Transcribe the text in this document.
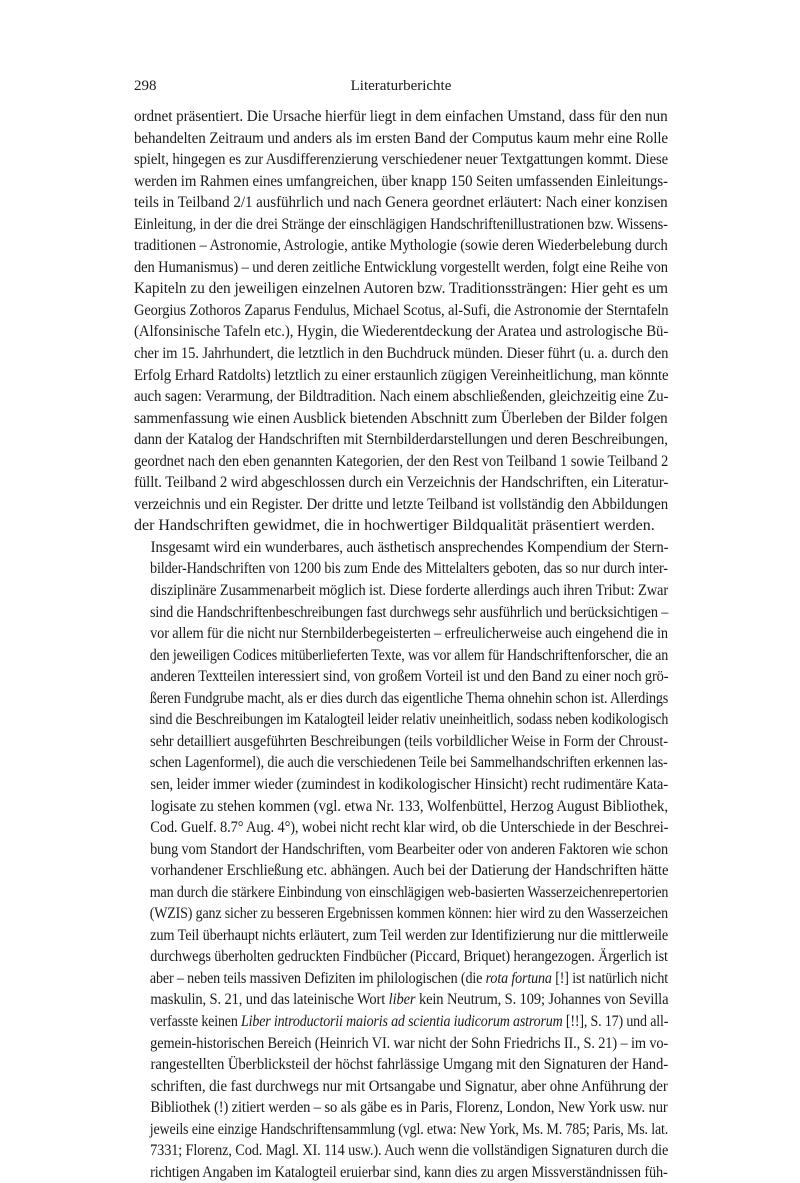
298	Literaturberichte

ordnet präsentiert. Die Ursache hierfür liegt in dem einfachen Umstand, dass für den nun
behandelten Zeitraum und anders als im ersten Band der Computus kaum mehr eine Rolle
spielt, hingegen es zur Ausdifferenzierung verschiedener neuer Textgattungen kommt. Diese
werden im Rahmen eines umfangreichen, über knapp 150 Seiten umfassenden Einleitungs-
teils in Teilband 2/1 ausführlich und nach Genera geordnet erläutert: Nach einer konzisen
Einleitung, in der die drei Stränge der einschlägigen Handschriftenillustrationen bzw. Wissens-
traditionen – Astronomie, Astrologie, antike Mythologie (sowie deren Wiederbelebung durch
den Humanismus) – und deren zeitliche Entwicklung vorgestellt werden, folgt eine Reihe von
Kapiteln zu den jeweiligen einzelnen Autoren bzw. Traditionssträngen: Hier geht es um
Georgius Zothoros Zaparus Fendulus, Michael Scotus, al-Sufi, die Astronomie der Sterntafeln
(Alfonsinische Tafeln etc.), Hygin, die Wiederentdeckung der Aratea und astrologische Bü-
cher im 15. Jahrhundert, die letztlich in den Buchdruck münden. Dieser führt (u. a. durch den
Erfolg Erhard Ratdolts) letztlich zu einer erstaunlich zügigen Vereinheitlichung, man könnte
auch sagen: Verarmung, der Bildtradition. Nach einem abschließenden, gleichzeitig eine Zu-
sammenfassung wie einen Ausblick bietenden Abschnitt zum Überleben der Bilder folgen
dann der Katalog der Handschriften mit Sternbilderdarstellungen und deren Beschreibungen,
geordnet nach den eben genannten Kategorien, der den Rest von Teilband 1 sowie Teilband 2
füllt. Teilband 2 wird abgeschlossen durch ein Verzeichnis der Handschriften, ein Literatur-
verzeichnis und ein Register. Der dritte und letzte Teilband ist vollständig den Abbildungen
der Handschriften gewidmet, die in hochwertiger Bildqualität präsentiert werden.

Insgesamt wird ein wunderbares, auch ästhetisch ansprechendes Kompendium der Stern-
bilder-Handschriften von 1200 bis zum Ende des Mittelalters geboten, das so nur durch inter-
disziplinäre Zusammenarbeit möglich ist. Diese forderte allerdings auch ihren Tribut: Zwar
sind die Handschriftenbeschreibungen fast durchwegs sehr ausführlich und berücksichtigen –
vor allem für die nicht nur Sternbilderbegeisterten – erfreulicherweise auch eingehend die in
den jeweiligen Codices mitüberlieferten Texte, was vor allem für Handschriftenforscher, die an
anderen Textteilen interessiert sind, von großem Vorteil ist und den Band zu einer noch grö-
ßeren Fundgrube macht, als er dies durch das eigentliche Thema ohnehin schon ist. Allerdings
sind die Beschreibungen im Katalogteil leider relativ uneinheitlich, sodass neben kodikologisch
sehr detailliert ausgeführten Beschreibungen (teils vorbildlicher Weise in Form der Chroust-
schen Lagenformel), die auch die verschiedenen Teile bei Sammelhandschriften erkennen las-
sen, leider immer wieder (zumindest in kodikologischer Hinsicht) recht rudimentäre Kata-
logisate zu stehen kommen (vgl. etwa Nr. 133, Wolfenbüttel, Herzog August Bibliothek,
Cod. Guelf. 8.7° Aug. 4°), wobei nicht recht klar wird, ob die Unterschiede in der Beschrei-
bung vom Standort der Handschriften, vom Bearbeiter oder von anderen Faktoren wie schon
vorhandener Erschließung etc. abhängen. Auch bei der Datierung der Handschriften hätte
man durch die stärkere Einbindung von einschlägigen web-basierten Wasserzeichenrepertorien
(WZIS) ganz sicher zu besseren Ergebnissen kommen können: hier wird zu den Wasserzeichen
zum Teil überhaupt nichts erläutert, zum Teil werden zur Identifizierung nur die mittlerweile
durchwegs überholten gedruckten Findbücher (Piccard, Briquet) herangezogen. Ärgerlich ist
aber – neben teils massiven Defiziten im philologischen (die rota fortuna [!] ist natürlich nicht
maskulin, S. 21, und das lateinische Wort liber kein Neutrum, S. 109; Johannes von Sevilla
verfasste keinen Liber introductorii maioris ad scientia iudicorum astrorum [!!], S. 17) und all-
gemein-historischen Bereich (Heinrich VI. war nicht der Sohn Friedrichs II., S. 21) – im vo-
rangestellten Überblicksteil der höchst fahrlässige Umgang mit den Signaturen der Hand-
schriften, die fast durchwegs nur mit Ortsangabe und Signatur, aber ohne Anführung der
Bibliothek (!) zitiert werden – so als gäbe es in Paris, Florenz, London, New York usw. nur
jeweils eine einzige Handschriftensammlung (vgl. etwa: New York, Ms. M. 785; Paris, Ms. lat.
7331; Florenz, Cod. Magl. XI. 114 usw.). Auch wenn die vollständigen Signaturen durch die
richtigen Angaben im Katalogteil eruierbar sind, kann dies zu argen Missverständnissen füh-
